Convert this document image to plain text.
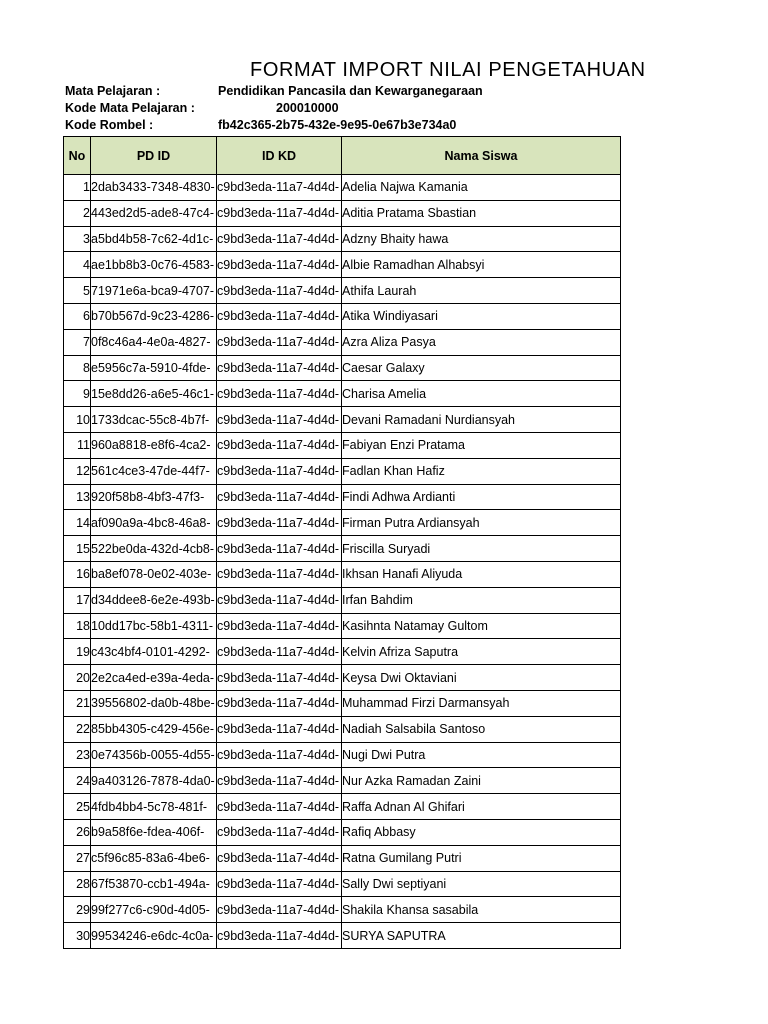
FORMAT IMPORT NILAI PENGETAHUAN
Mata Pelajaran :	Pendidikan Pancasila dan Kewarganegaraan
Kode Mata Pelajaran :	200010000
Kode Rombel :	fb42c365-2b75-432e-9e95-0e67b3e734a0
No	PD ID	ID KD	Nama Siswa
1	2dab3433-7348-4830-	c9bd3eda-11a7-4d4d-	Adelia Najwa Kamania
2	443ed2d5-ade8-47c4-	c9bd3eda-11a7-4d4d-	Aditia Pratama Sbastian
3	a5bd4b58-7c62-4d1c-	c9bd3eda-11a7-4d4d-	Adzny Bhaity hawa
4	ae1bb8b3-0c76-4583-	c9bd3eda-11a7-4d4d-	Albie Ramadhan Alhabsyi
5	71971e6a-bca9-4707-	c9bd3eda-11a7-4d4d-	Athifa Laurah
6	b70b567d-9c23-4286-	c9bd3eda-11a7-4d4d-	Atika Windiyasari
7	0f8c46a4-4e0a-4827-	c9bd3eda-11a7-4d4d-	Azra Aliza Pasya
8	e5956c7a-5910-4fde-	c9bd3eda-11a7-4d4d-	Caesar Galaxy
9	15e8dd26-a6e5-46c1-	c9bd3eda-11a7-4d4d-	Charisa Amelia
10	1733dcac-55c8-4b7f-	c9bd3eda-11a7-4d4d-	Devani Ramadani Nurdiansyah
11	960a8818-e8f6-4ca2-	c9bd3eda-11a7-4d4d-	Fabiyan Enzi Pratama
12	561c4ce3-47de-44f7-	c9bd3eda-11a7-4d4d-	Fadlan Khan Hafiz
13	920f58b8-4bf3-47f3-	c9bd3eda-11a7-4d4d-	Findi Adhwa Ardianti
14	af090a9a-4bc8-46a8-	c9bd3eda-11a7-4d4d-	Firman Putra Ardiansyah
15	522be0da-432d-4cb8-	c9bd3eda-11a7-4d4d-	Friscilla Suryadi
16	ba8ef078-0e02-403e-	c9bd3eda-11a7-4d4d-	Ikhsan Hanafi Aliyuda
17	d34ddee8-6e2e-493b-	c9bd3eda-11a7-4d4d-	Irfan Bahdim
18	10dd17bc-58b1-4311-	c9bd3eda-11a7-4d4d-	Kasihnta Natamay Gultom
19	c43c4bf4-0101-4292-	c9bd3eda-11a7-4d4d-	Kelvin Afriza Saputra
20	2e2ca4ed-e39a-4eda-	c9bd3eda-11a7-4d4d-	Keysa Dwi Oktaviani
21	39556802-da0b-48be-	c9bd3eda-11a7-4d4d-	Muhammad Firzi Darmansyah
22	85bb4305-c429-456e-	c9bd3eda-11a7-4d4d-	Nadiah Salsabila Santoso
23	0e74356b-0055-4d55-	c9bd3eda-11a7-4d4d-	Nugi Dwi Putra
24	9a403126-7878-4da0-	c9bd3eda-11a7-4d4d-	Nur Azka Ramadan Zaini
25	4fdb4bb4-5c78-481f-	c9bd3eda-11a7-4d4d-	Raffa Adnan Al Ghifari
26	b9a58f6e-fdea-406f-	c9bd3eda-11a7-4d4d-	Rafiq Abbasy
27	c5f96c85-83a6-4be6-	c9bd3eda-11a7-4d4d-	Ratna Gumilang Putri
28	67f53870-ccb1-494a-	c9bd3eda-11a7-4d4d-	Sally Dwi septiyani
29	99f277c6-c90d-4d05-	c9bd3eda-11a7-4d4d-	Shakila Khansa sasabila
30	99534246-e6dc-4c0a-	c9bd3eda-11a7-4d4d-	SURYA SAPUTRA
